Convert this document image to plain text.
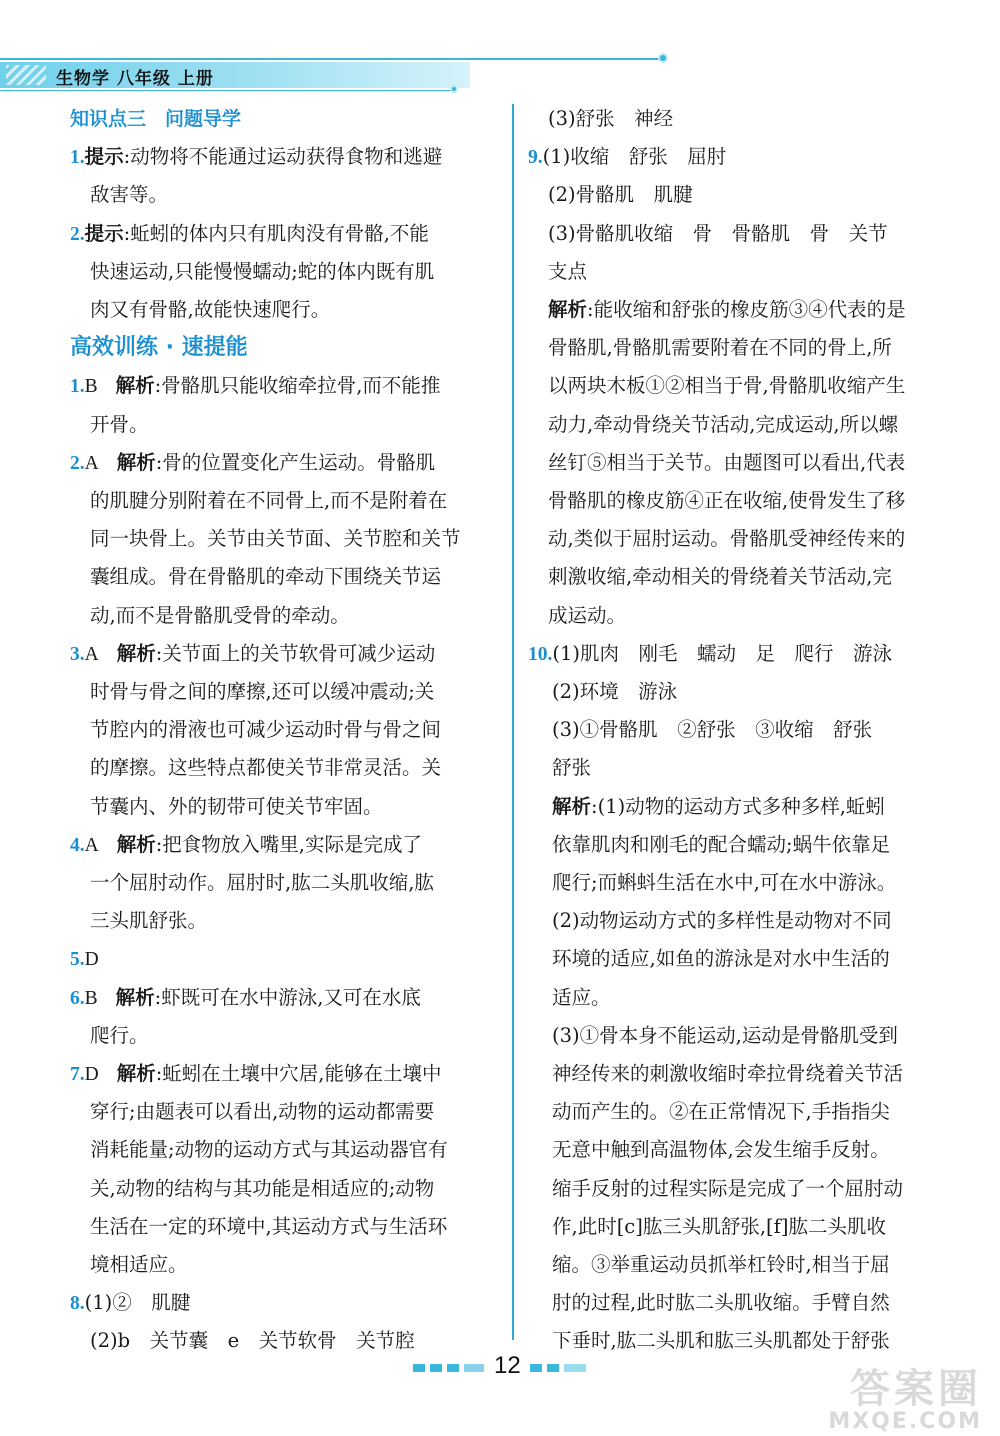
生物学 八年级 上册
知识点三　问题导学
1.提示:动物将不能通过运动获得食物和逃避
敌害等。
2.提示:蚯蚓的体内只有肌肉没有骨骼,不能
快速运动,只能慢慢蠕动;蛇的体内既有肌
肉又有骨骼,故能快速爬行。
高效训练 · 速提能
1.B 解析:骨骼肌只能收缩牵拉骨,而不能推
开骨。
2.A 解析:骨的位置变化产生运动。骨骼肌
的肌腱分别附着在不同骨上,而不是附着在
同一块骨上。关节由关节面、关节腔和关节
囊组成。骨在骨骼肌的牵动下围绕关节运
动,而不是骨骼肌受骨的牵动。
3.A 解析:关节面上的关节软骨可减少运动
时骨与骨之间的摩擦,还可以缓冲震动;关
节腔内的滑液也可减少运动时骨与骨之间
的摩擦。这些特点都使关节非常灵活。关
节囊内、外的韧带可使关节牢固。
4.A 解析:把食物放入嘴里,实际是完成了
一个屈肘动作。屈肘时,肱二头肌收缩,肱
三头肌舒张。
5.D
6.B 解析:虾既可在水中游泳,又可在水底
爬行。
7.D 解析:蚯蚓在土壤中穴居,能够在土壤中
穿行;由题表可以看出,动物的运动都需要
消耗能量;动物的运动方式与其运动器官有
关,动物的结构与其功能是相适应的;动物
生活在一定的环境中,其运动方式与生活环
境相适应。
8.(1)②　肌腱
(2)b　关节囊　e　关节软骨　关节腔
(3)舒张　神经
9.(1)收缩　舒张　屈肘
(2)骨骼肌　肌腱
(3)骨骼肌收缩　骨　骨骼肌　骨　关节
支点
解析:能收缩和舒张的橡皮筋③④代表的是
骨骼肌,骨骼肌需要附着在不同的骨上,所
以两块木板①②相当于骨,骨骼肌收缩产生
动力,牵动骨绕关节活动,完成运动,所以螺
丝钉⑤相当于关节。由题图可以看出,代表
骨骼肌的橡皮筋④正在收缩,使骨发生了移
动,类似于屈肘运动。骨骼肌受神经传来的
刺激收缩,牵动相关的骨绕着关节活动,完
成运动。
10.(1)肌肉　刚毛　蠕动　足　爬行　游泳
(2)环境　游泳
(3)①骨骼肌　②舒张　③收缩　舒张
舒张
解析:(1)动物的运动方式多种多样,蚯蚓
依靠肌肉和刚毛的配合蠕动;蜗牛依靠足
爬行;而蝌蚪生活在水中,可在水中游泳。
(2)动物运动方式的多样性是动物对不同
环境的适应,如鱼的游泳是对水中生活的
适应。
(3)①骨本身不能运动,运动是骨骼肌受到
神经传来的刺激收缩时牵拉骨绕着关节活
动而产生的。②在正常情况下,手指指尖
无意中触到高温物体,会发生缩手反射。
缩手反射的过程实际是完成了一个屈肘动
作,此时[c]肱三头肌舒张,[f]肱二头肌收
缩。③举重运动员抓举杠铃时,相当于屈
肘的过程,此时肱二头肌收缩。手臂自然
下垂时,肱二头肌和肱三头肌都处于舒张
12
答案圈
MXQE.COM
